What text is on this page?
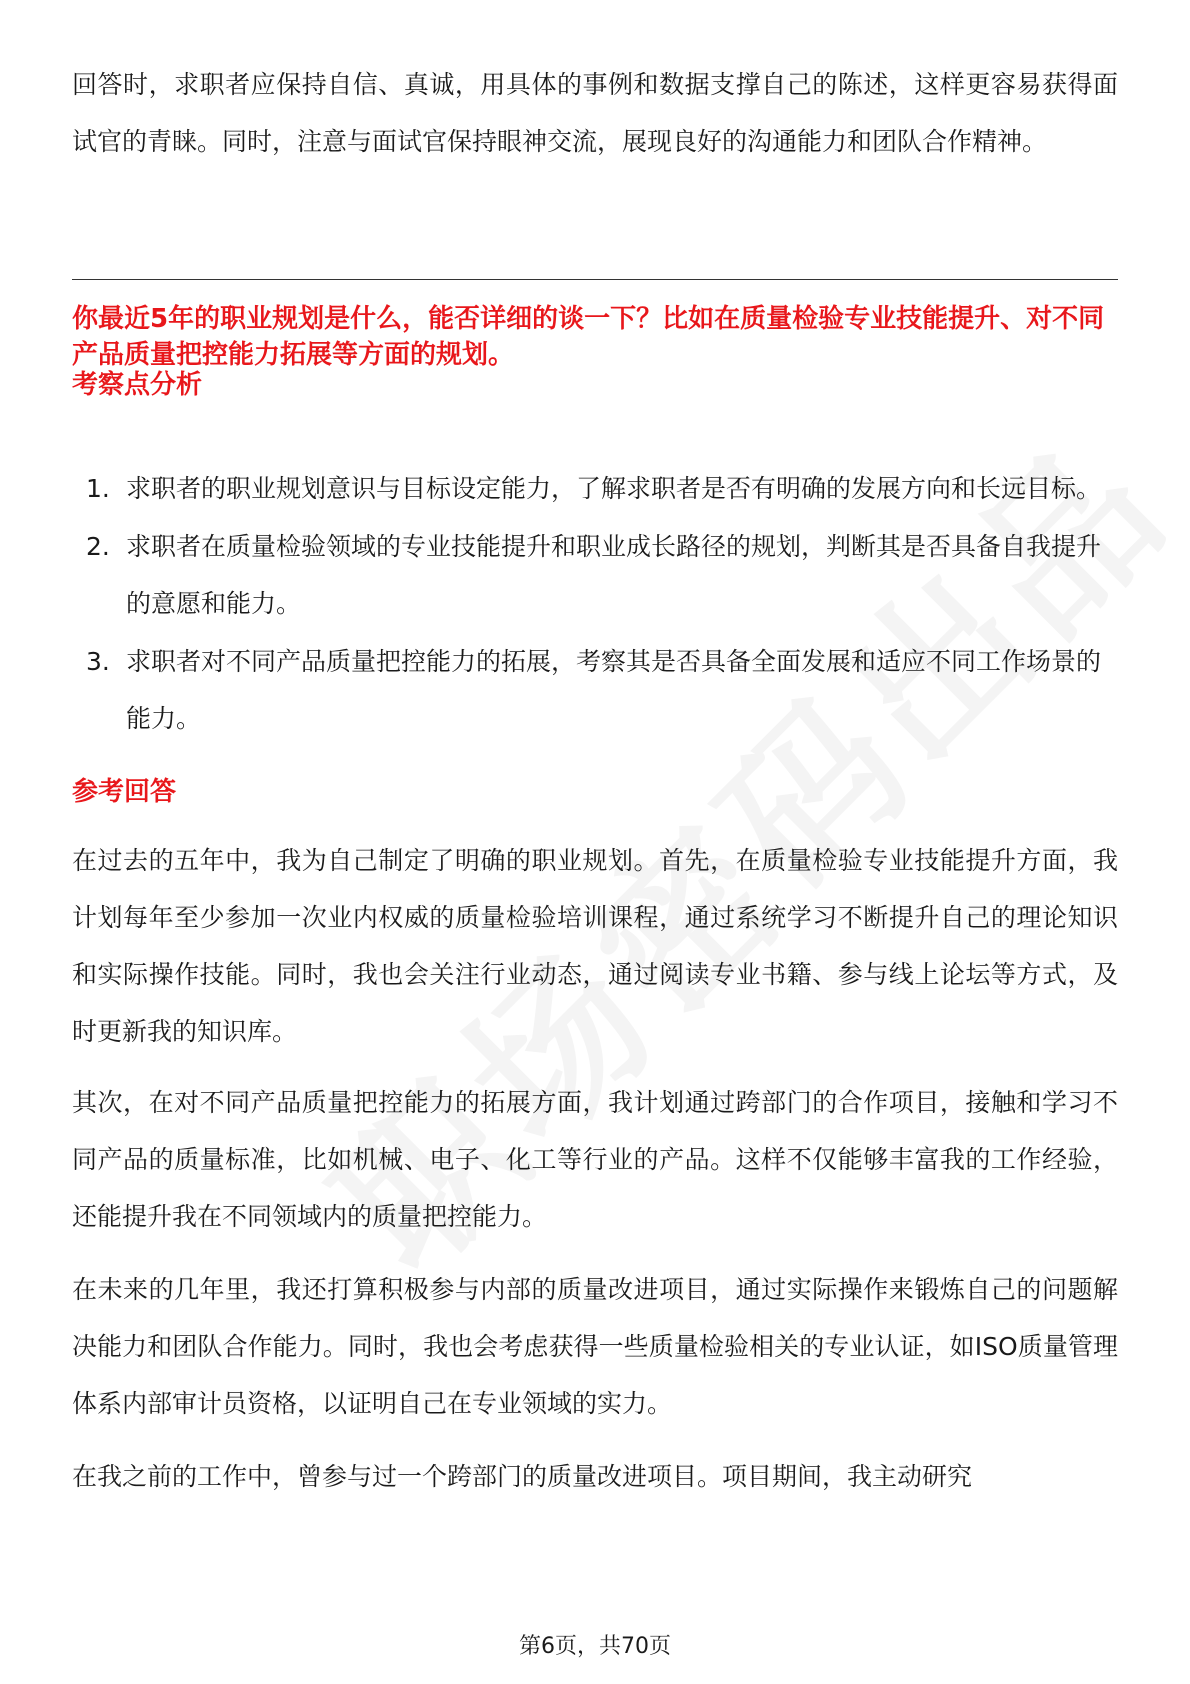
回答时，求职者应保持自信、真诚，用具体的事例和数据支撑自己的陈述，这样更容易获得面试官的青睐。同时，注意与面试官保持眼神交流，展现良好的沟通能力和团队合作精神。

你最近5年的职业规划是什么，能否详细的谈一下？比如在质量检验专业技能提升、对不同产品质量把控能力拓展等方面的规划。
考察点分析
1. 求职者的职业规划意识与目标设定能力，了解求职者是否有明确的发展方向和长远目标。
2. 求职者在质量检验领域的专业技能提升和职业成长路径的规划，判断其是否具备自我提升的意愿和能力。
3. 求职者对不同产品质量把控能力的拓展，考察其是否具备全面发展和适应不同工作场景的能力。
参考回答

在过去的五年中，我为自己制定了明确的职业规划。首先，在质量检验专业技能提升方面，我计划每年至少参加一次业内权威的质量检验培训课程，通过系统学习不断提升自己的理论知识和实际操作技能。同时，我也会关注行业动态，通过阅读专业书籍、参与线上论坛等方式，及时更新我的知识库。

其次，在对不同产品质量把控能力的拓展方面，我计划通过跨部门的合作项目，接触和学习不同产品的质量标准，比如机械、电子、化工等行业的产品。这样不仅能够丰富我的工作经验，还能提升我在不同领域内的质量把控能力。

在未来的几年里，我还打算积极参与内部的质量改进项目，通过实际操作来锻炼自己的问题解决能力和团队合作能力。同时，我也会考虑获得一些质量检验相关的专业认证，如ISO质量管理体系内部审计员资格，以证明自己在专业领域的实力。

在我之前的工作中，曾参与过一个跨部门的质量改进项目。项目期间，我主动研究

第6页，共70页
